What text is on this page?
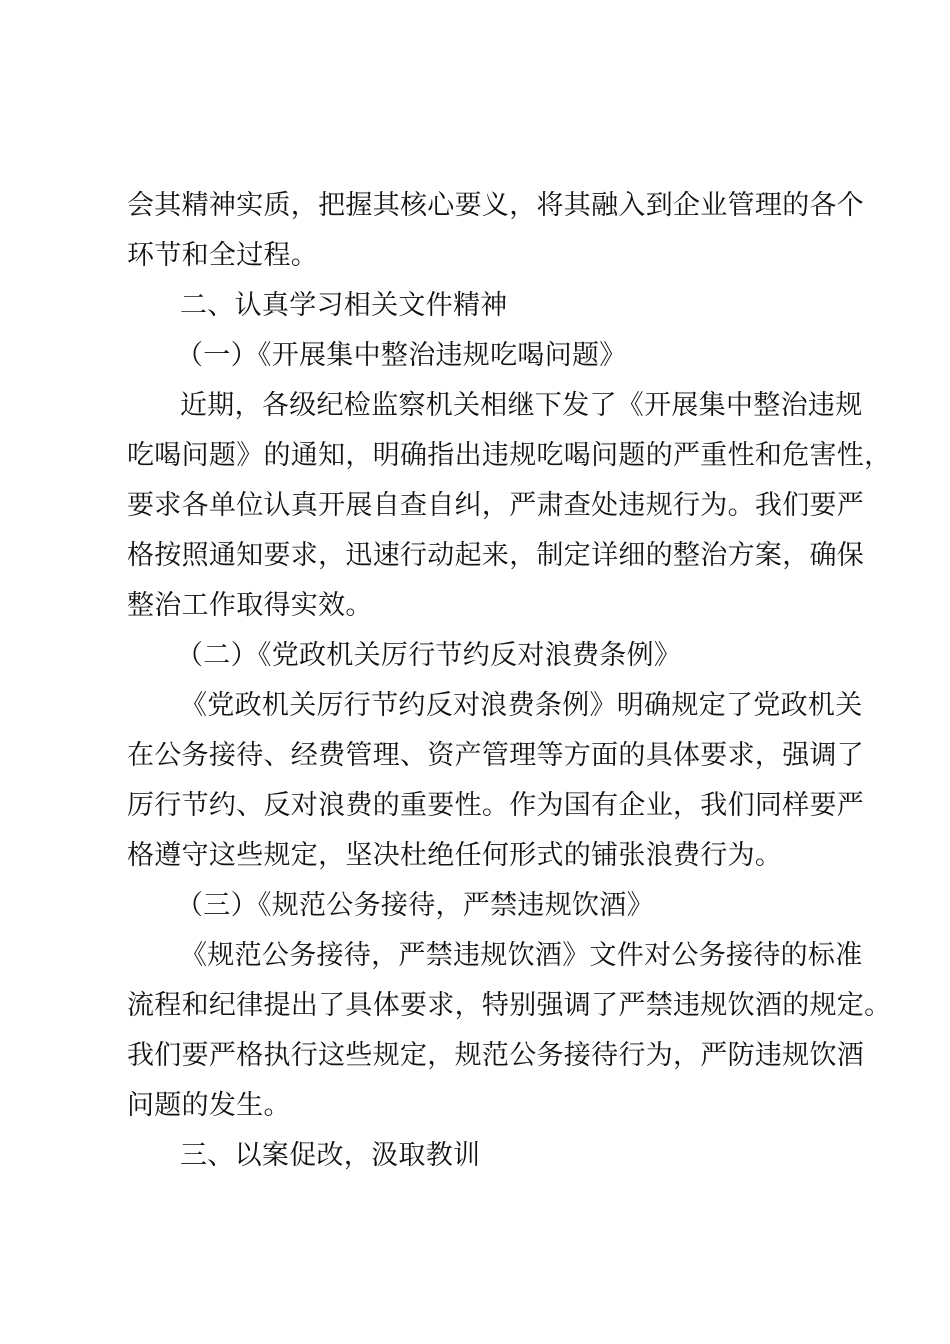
会其精神实质，把握其核心要义，将其融入到企业管理的各个
环节和全过程。
二、认真学习相关文件精神
（一）《开展集中整治违规吃喝问题》
近期，各级纪检监察机关相继下发了《开展集中整治违规
吃喝问题》的通知，明确指出违规吃喝问题的严重性和危害性，
要求各单位认真开展自查自纠，严肃查处违规行为。我们要严
格按照通知要求，迅速行动起来，制定详细的整治方案，确保
整治工作取得实效。
（二）《党政机关厉行节约反对浪费条例》
《党政机关厉行节约反对浪费条例》明确规定了党政机关
在公务接待、经费管理、资产管理等方面的具体要求，强调了
厉行节约、反对浪费的重要性。作为国有企业，我们同样要严
格遵守这些规定，坚决杜绝任何形式的铺张浪费行为。
（三）《规范公务接待，严禁违规饮酒》
《规范公务接待，严禁违规饮酒》文件对公务接待的标准
流程和纪律提出了具体要求，特别强调了严禁违规饮酒的规定。
我们要严格执行这些规定，规范公务接待行为，严防违规饮酒
问题的发生。
三、以案促改，汲取教训
